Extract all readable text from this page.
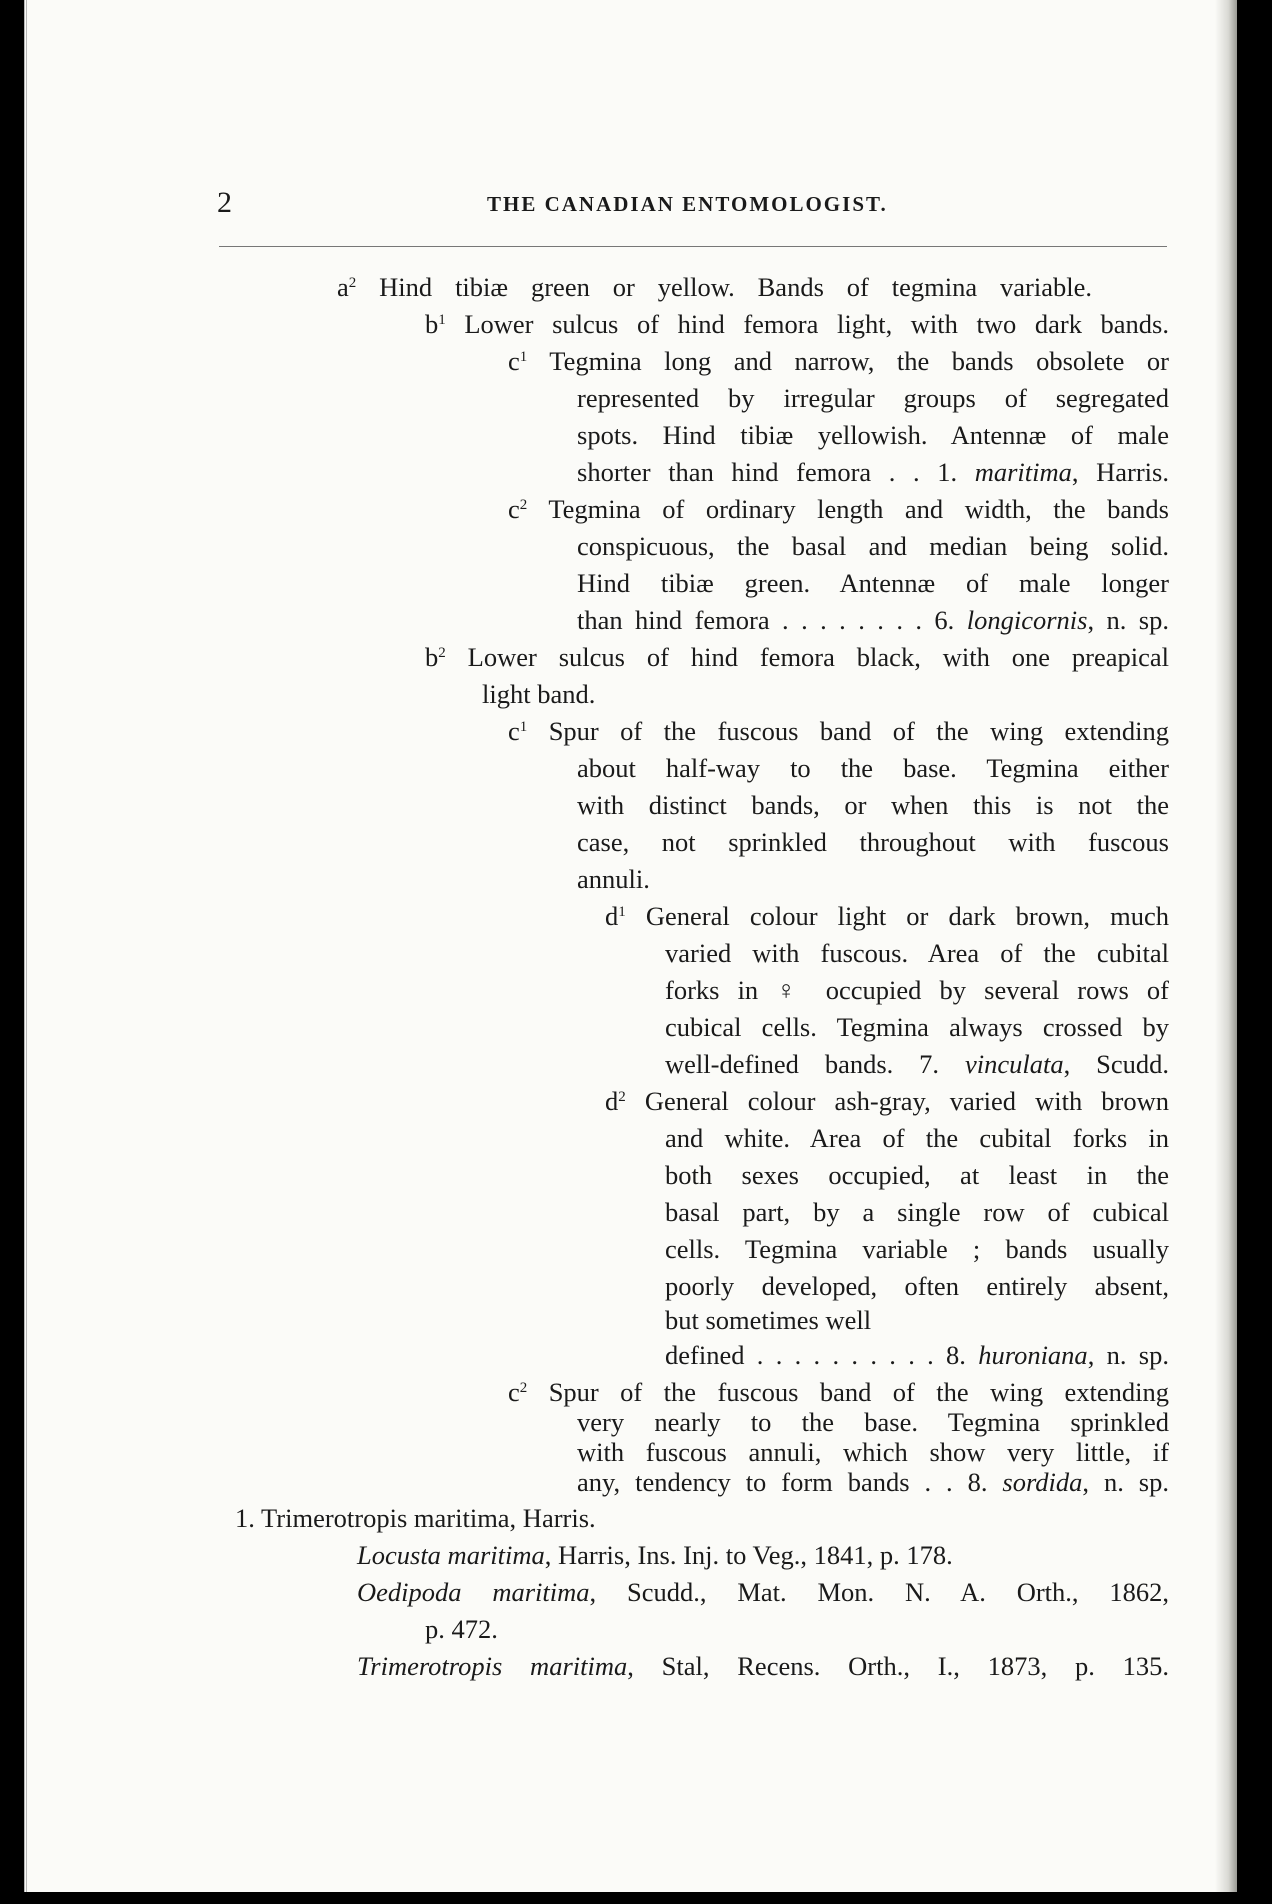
2	THE CANADIAN ENTOMOLOGIST.
$a^2$ Hind tibiæ green or yellow. Bands of tegmina variable.
$b^1$ Lower sulcus of hind femora light, with two dark bands.
$c^1$ Tegmina long and narrow, the bands obsolete or
represented by irregular groups of segregated
spots. Hind tibiæ yellowish. Antennæ of male
shorter than hind femora . . 1. maritima, Harris.
$c^2$ Tegmina of ordinary length and width, the bands
conspicuous, the basal and median being solid.
Hind tibiæ green. Antennæ of male longer
than hind femora . . . . . . . . 6. longicornis, n. sp.
$b^2$ Lower sulcus of hind femora black, with one preapical
light band.
$c^1$ Spur of the fuscous band of the wing extending
about half-way to the base. Tegmina either
with distinct bands, or when this is not the
case, not sprinkled throughout with fuscous
annuli.
$d^1$ General colour light or dark brown, much
varied with fuscous. Area of the cubital
forks in ♀ occupied by several rows of
cubical cells. Tegmina always crossed by
well-defined bands. 7. vinculata, Scudd.
$d^2$ General colour ash-gray, varied with brown
and white. Area of the cubital forks in
both sexes occupied, at least in the
basal part, by a single row of cubical
cells. Tegmina variable ; bands usually
poorly developed, often entirely absent,
but sometimes well
defined . . . . . . . . . . 8. huroniana, n. sp.
$c^2$ Spur of the fuscous band of the wing extending
very nearly to the base. Tegmina sprinkled
with fuscous annuli, which show very little, if
any, tendency to form bands . . 8. sordida, n. sp.
1. Trimerotropis maritima, Harris.
Locusta maritima, Harris, Ins. Inj. to Veg., 1841, p. 178.
Oedipoda maritima, Scudd., Mat. Mon. N. A. Orth., 1862,
p. 472.
Trimerotropis maritima, Stal, Recens. Orth., I., 1873, p. 135.
